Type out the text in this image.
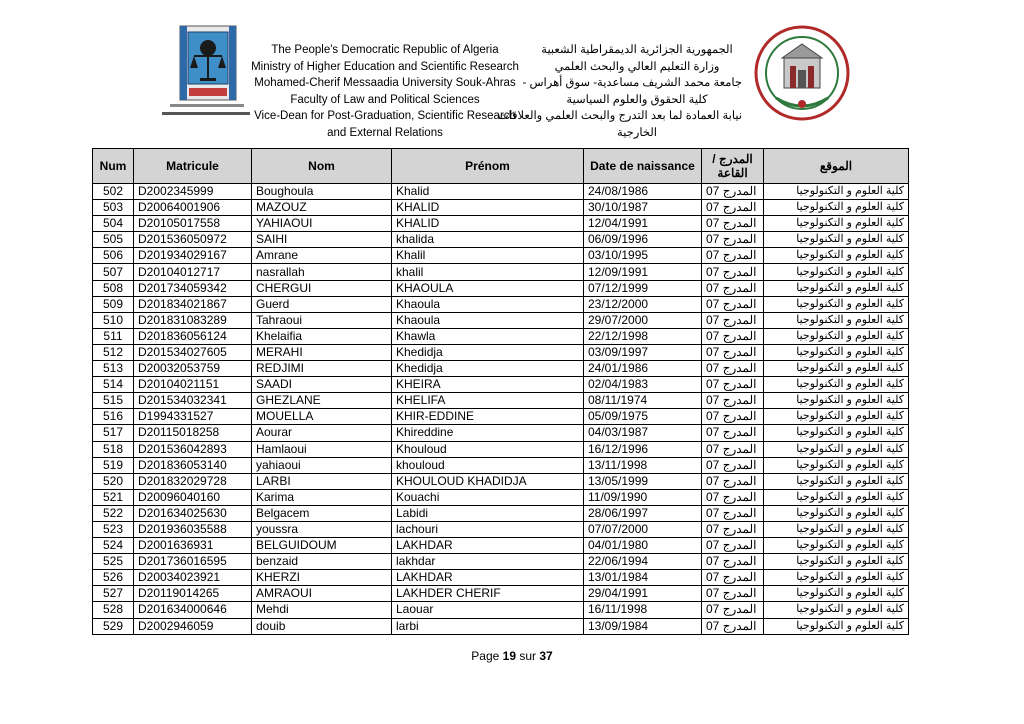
The People's Democratic Republic of Algeria
Ministry of Higher Education and Scientific Research
Mohamed-Cherif Messaadia University Souk-Ahras
Faculty of Law and Political Sciences
Vice-Dean for Post-Graduation, Scientific Research
and External Relations
الجمهورية الجزائرية الديمقراطية الشعبية
وزارة التعليم العالي والبحث العلمي
جامعة محمد الشريف مساعدية- سوق أهراس -
كلية الحقوق والعلوم السياسية
نيابة العمادة لما بعد التدرج والبحث العلمي والعلاقات
الخارجية
Num	Matricule	Nom	Prénom	Date de naissance	المدرج / القاعة	الموقع
502	D2002345999	Boughoula	Khalid	24/08/1986	المدرج 07	كلية العلوم و التكنولوجيا
503	D20064001906	MAZOUZ	KHALID	30/10/1987	المدرج 07	كلية العلوم و التكنولوجيا
504	D20105017558	YAHIAOUI	KHALID	12/04/1991	المدرج 07	كلية العلوم و التكنولوجيا
505	D201536050972	SAIHI	khalida	06/09/1996	المدرج 07	كلية العلوم و التكنولوجيا
506	D201934029167	Amrane	Khalil	03/10/1995	المدرج 07	كلية العلوم و التكنولوجيا
507	D20104012717	nasrallah	khalil	12/09/1991	المدرج 07	كلية العلوم و التكنولوجيا
508	D201734059342	CHERGUI	KHAOULA	07/12/1999	المدرج 07	كلية العلوم و التكنولوجيا
509	D201834021867	Guerd	Khaoula	23/12/2000	المدرج 07	كلية العلوم و التكنولوجيا
510	D201831083289	Tahraoui	Khaoula	29/07/2000	المدرج 07	كلية العلوم و التكنولوجيا
511	D201836056124	Khelaifia	Khawla	22/12/1998	المدرج 07	كلية العلوم و التكنولوجيا
512	D201534027605	MERAHI	Khedidja	03/09/1997	المدرج 07	كلية العلوم و التكنولوجيا
513	D20032053759	REDJIMI	Khedidja	24/01/1986	المدرج 07	كلية العلوم و التكنولوجيا
514	D20104021151	SAADI	KHEIRA	02/04/1983	المدرج 07	كلية العلوم و التكنولوجيا
515	D201534032341	GHEZLANE	KHELIFA	08/11/1974	المدرج 07	كلية العلوم و التكنولوجيا
516	D1994331527	MOUELLA	KHIR-EDDINE	05/09/1975	المدرج 07	كلية العلوم و التكنولوجيا
517	D20115018258	Aourar	Khireddine	04/03/1987	المدرج 07	كلية العلوم و التكنولوجيا
518	D201536042893	Hamlaoui	Khouloud	16/12/1996	المدرج 07	كلية العلوم و التكنولوجيا
519	D201836053140	yahiaoui	khouloud	13/11/1998	المدرج 07	كلية العلوم و التكنولوجيا
520	D201832029728	LARBI	KHOULOUD KHADIDJA	13/05/1999	المدرج 07	كلية العلوم و التكنولوجيا
521	D20096040160	Karima	Kouachi	11/09/1990	المدرج 07	كلية العلوم و التكنولوجيا
522	D201634025630	Belgacem	Labidi	28/06/1997	المدرج 07	كلية العلوم و التكنولوجيا
523	D201936035588	youssra	lachouri	07/07/2000	المدرج 07	كلية العلوم و التكنولوجيا
524	D2001636931	BELGUIDOUM	LAKHDAR	04/01/1980	المدرج 07	كلية العلوم و التكنولوجيا
525	D201736016595	benzaid	lakhdar	22/06/1994	المدرج 07	كلية العلوم و التكنولوجيا
526	D20034023921	KHERZI	LAKHDAR	13/01/1984	المدرج 07	كلية العلوم و التكنولوجيا
527	D20119014265	AMRAOUI	LAKHDER CHERIF	29/04/1991	المدرج 07	كلية العلوم و التكنولوجيا
528	D201634000646	Mehdi	Laouar	16/11/1998	المدرج 07	كلية العلوم و التكنولوجيا
529	D2002946059	douib	larbi	13/09/1984	المدرج 07	كلية العلوم و التكنولوجيا
Page 19 sur 37
